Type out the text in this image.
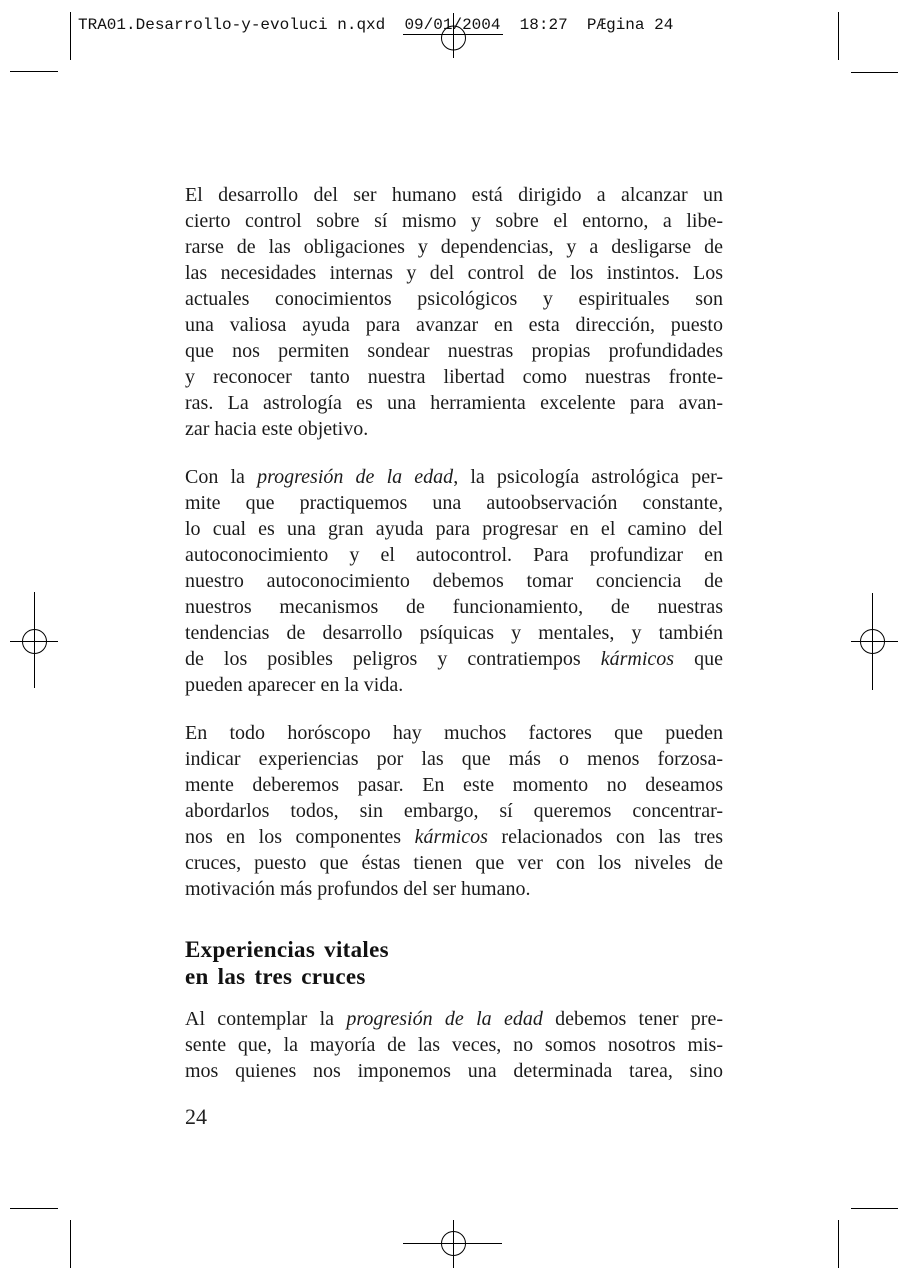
TRA01.Desarrollo-y-evoluci n.qxd  09/01/2004  18:27  PÆgina 24
El desarrollo del ser humano está dirigido a alcanzar un
cierto control sobre sí mismo y sobre el entorno, a libe-
rarse de las obligaciones y dependencias, y a desligarse de
las necesidades internas y del control de los instintos. Los
actuales conocimientos psicológicos y espirituales son
una valiosa ayuda para avanzar en esta dirección, puesto
que nos permiten sondear nuestras propias profundidades
y reconocer tanto nuestra libertad como nuestras fronte-
ras. La astrología es una herramienta excelente para avan-
zar hacia este objetivo.
Con la progresión de la edad, la psicología astrológica per-
mite que practiquemos una autoobservación constante,
lo cual es una gran ayuda para progresar en el camino del
autoconocimiento y el autocontrol. Para profundizar en
nuestro autoconocimiento debemos tomar conciencia de
nuestros mecanismos de funcionamiento, de nuestras
tendencias de desarrollo psíquicas y mentales, y también
de los posibles peligros y contratiempos kármicos que
pueden aparecer en la vida.
En todo horóscopo hay muchos factores que pueden
indicar experiencias por las que más o menos forzosa-
mente deberemos pasar. En este momento no deseamos
abordarlos todos, sin embargo, sí queremos concentrar-
nos en los componentes kármicos relacionados con las tres
cruces, puesto que éstas tienen que ver con los niveles de
motivación más profundos del ser humano.
Experiencias vitales
en las tres cruces
Al contemplar la progresión de la edad debemos tener pre-
sente que, la mayoría de las veces, no somos nosotros mis-
mos quienes nos imponemos una determinada tarea, sino
24
